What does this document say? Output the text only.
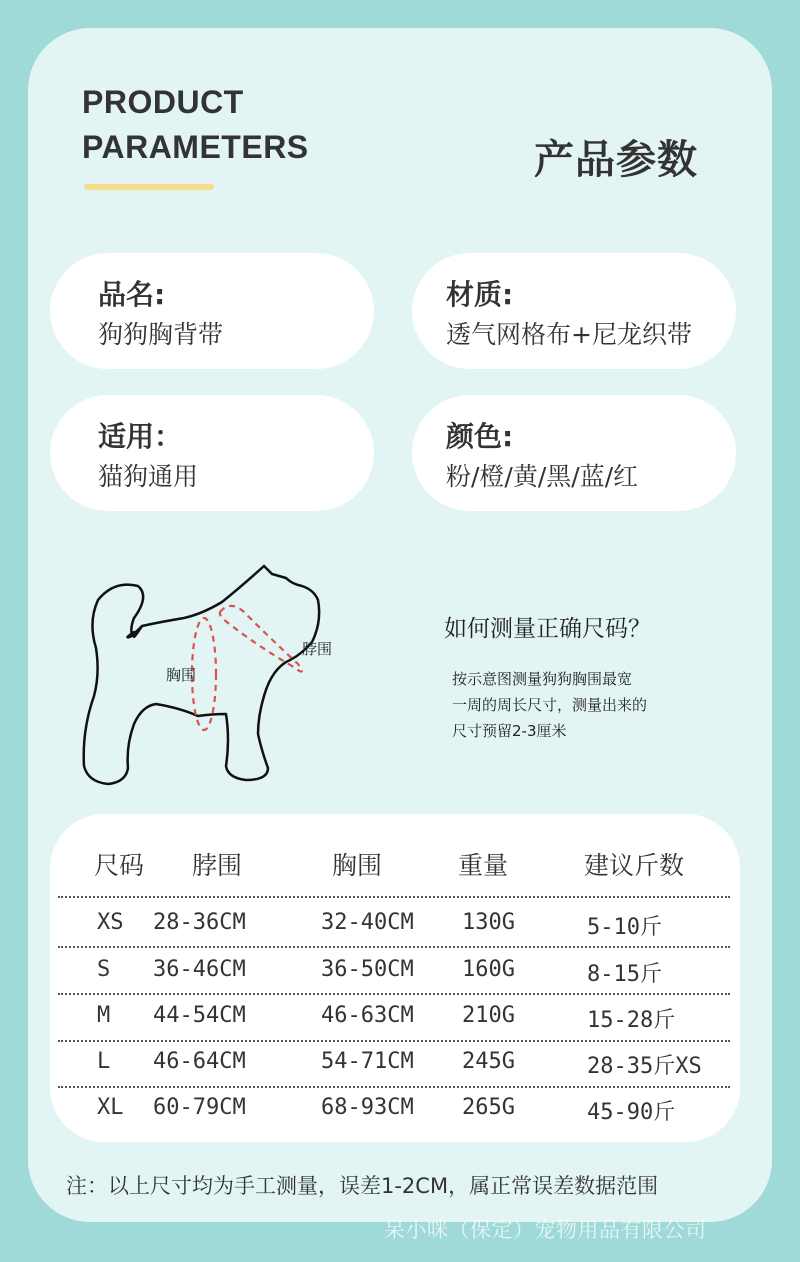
PRODUCT
PARAMETERS	产品参数
品名:
狗狗胸背带
材质:
透气网格布+尼龙织带
适用：
猫狗通用
颜色:
粉/橙/黄/黑/蓝/红
胸围
脖围
如何测量正确尺码？
按示意图测量狗狗胸围最宽
一周的周长尺寸，测量出来的
尺寸预留2-3厘米
尺码 脖围	胸围	重量	建议斤数
XS 28-36CM	32-40CM 130G	5-10斤
S 36-46CM	36-50CM 160G	8-15斤
M 44-54CM	46-63CM 210G	15-28斤
L 46-64CM	54-71CM 245G	28-35斤XS
XL 60-79CM	68-93CM 265G	45-90斤
注：以上尺寸均为手工测量，误差1-2CM，属正常误差数据范围
呆小咪（保定）宠物用品有限公司
